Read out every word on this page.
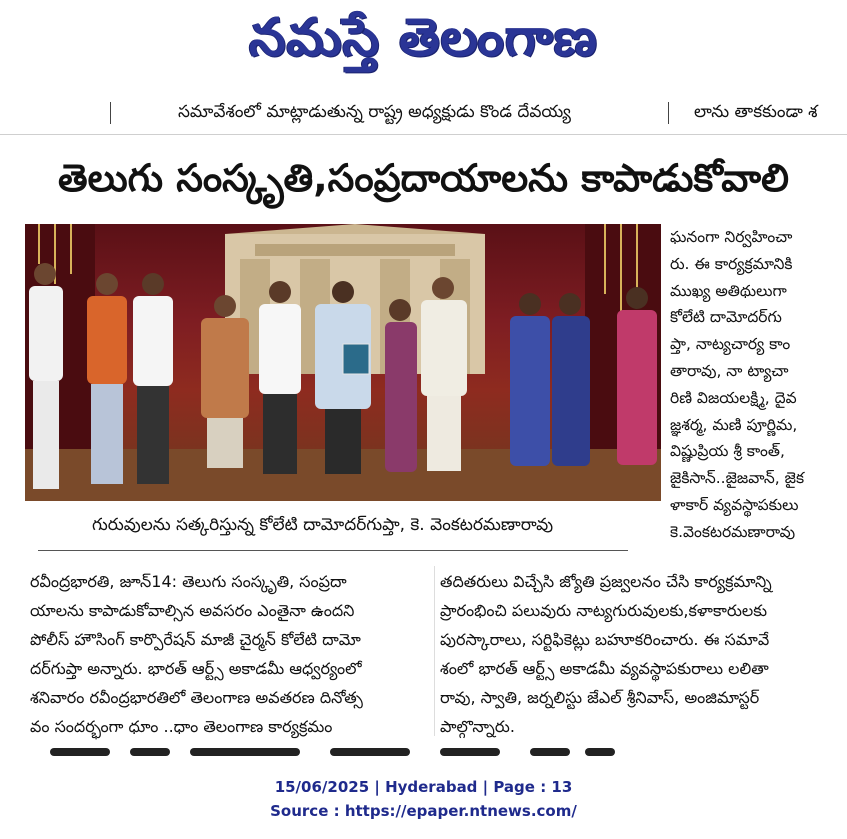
నమస్తే తెలంగాణ
సమావేశంలో మాట్లాడుతున్న రాష్ట్ర అధ్యక్షుడు కొండ దేవయ్య	లాను తాకకుండా శ
తెలుగు సంస్కృతి,సంప్రదాయాలను కాపాడుకోవాలి
గురువులను సత్కరిస్తున్న కోలేటి దామోదర్‌గుప్తా, కె. వెంకటరమణారావు
ఘనంగా నిర్వహించా
రు. ఈ కార్యక్రమానికి
ముఖ్య అతిథులుగా
కోలేటి దామోదర్‌గు
ప్తా, నాట్యచార్య కాం
తారావు, నా ట్యాచా
రిణి విజయలక్ష్మి, దైవ
జ్ఞశర్మ, మణి పూర్ణిమ,
విష్ణుప్రియ శ్రీ కాంత్,
జైకిసాన్..జైజవాన్, జైక
ళాకార్ వ్యవస్థాపకులు
కె.వెంకటరమణారావు
రవీంద్రభారతి, జూన్14: తెలుగు సంస్కృతి, సంప్రదా
యాలను కాపాడుకోవాల్సిన అవసరం ఎంతైనా ఉందని
పోలీస్ హౌసింగ్ కార్పొరేషన్ మాజీ చైర్మన్ కోలేటి దామో
దర్‌గుప్తా అన్నారు. భారత్ ఆర్ట్స్ అకాడమీ ఆధ్వర్యంలో
శనివారం రవీంద్రభారతిలో తెలంగాణ అవతరణ దినోత్స
వం సందర్భంగా ధూం ..ధాం తెలంగాణ కార్యక్రమం
తదితరులు విచ్చేసి జ్యోతి ప్రజ్వలనం చేసి కార్యక్రమాన్ని
ప్రారంభించి పలువురు నాట్యగురువులకు,కళాకారులకు
పురస్కారాలు, సర్టిఫికెట్లు బహూకరించారు. ఈ సమావే
శంలో భారత్ ఆర్ట్స్ అకాడమీ వ్యవస్థాపకురాలు లలితా
రావు, స్వాతి, జర్నలిస్టు జేఎల్ శ్రీనివాస్, అంజిమాస్టర్
పాల్గొన్నారు.
15/06/2025 | Hyderabad | Page : 13
Source : https://epaper.ntnews.com/
